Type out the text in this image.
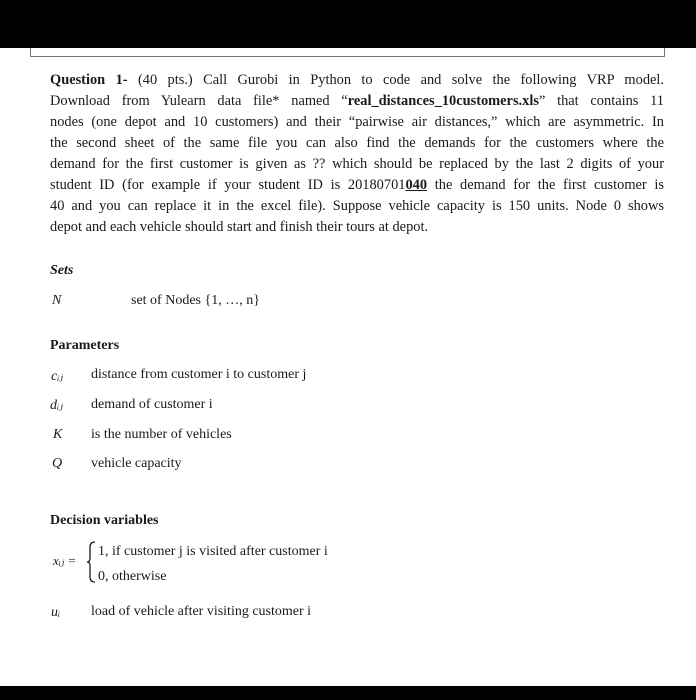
Question 1- (40 pts.) Call Gurobi in Python to code and solve the following VRP model.
Download from Yulearn data file* named “real_distances_10customers.xls” that contains 11
nodes (one depot and 10 customers) and their “pairwise air distances,” which are asymmetric. In
the second sheet of the same file you can also find the demands for the customers where the
demand for the first customer is given as ?? which should be replaced by the last 2 digits of your
student ID (for example if your student ID is 20180701040 the demand for the first customer is
40 and you can replace it in the excel file). Suppose vehicle capacity is 150 units. Node 0 shows
depot and each vehicle should start and finish their tours at depot.
Sets
N	set of Nodes {1, …, n}
Parameters
cᵢⱼ distance from customer i to customer j
dᵢⱼ demand of customer i
K is the number of vehicles
Q vehicle capacity
Decision variables
xᵢⱼ =
1, if customer j is visited after customer i
0, otherwise
uᵢ load of vehicle after visiting customer i
